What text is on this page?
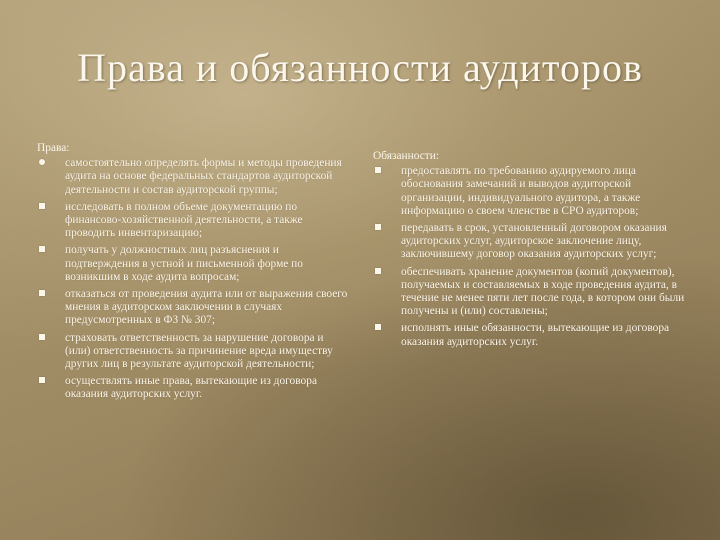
Права и обязанности аудиторов
Права:
самостоятельно определять формы и методы проведения аудита на основе федеральных стандартов аудиторской деятельности и состав аудиторской группы;
исследовать в полном объеме документацию по финансово-хозяйственной деятельности, а также проводить инвентаризацию;
получать у должностных лиц разъяснения и подтверждения в устной и письменной форме по возникшим в ходе аудита вопросам;
отказаться от проведения аудита или от выражения своего мнения в аудиторском заключении в случаях предусмотренных в ФЗ № 307;
страховать ответственность за нарушение договора и (или) ответственность за причинение вреда имуществу других лиц в результате аудиторской деятельности;
осуществлять иные права, вытекающие из договора оказания аудиторских услуг.
Обязанности:
предоставлять по требованию аудируемого лица обоснования замечаний и выводов аудиторской организации, индивидуального аудитора, а также информацию о своем членстве в СРО аудиторов;
передавать в срок, установленный договором оказания аудиторских услуг, аудиторское заключение лицу, заключившему договор оказания аудиторских услуг;
обеспечивать хранение документов (копий документов), получаемых и составляемых в ходе проведения аудита, в течение не менее пяти лет после года, в котором они были получены и (или) составлены;
исполнять иные обязанности, вытекающие из договора оказания аудиторских услуг.
